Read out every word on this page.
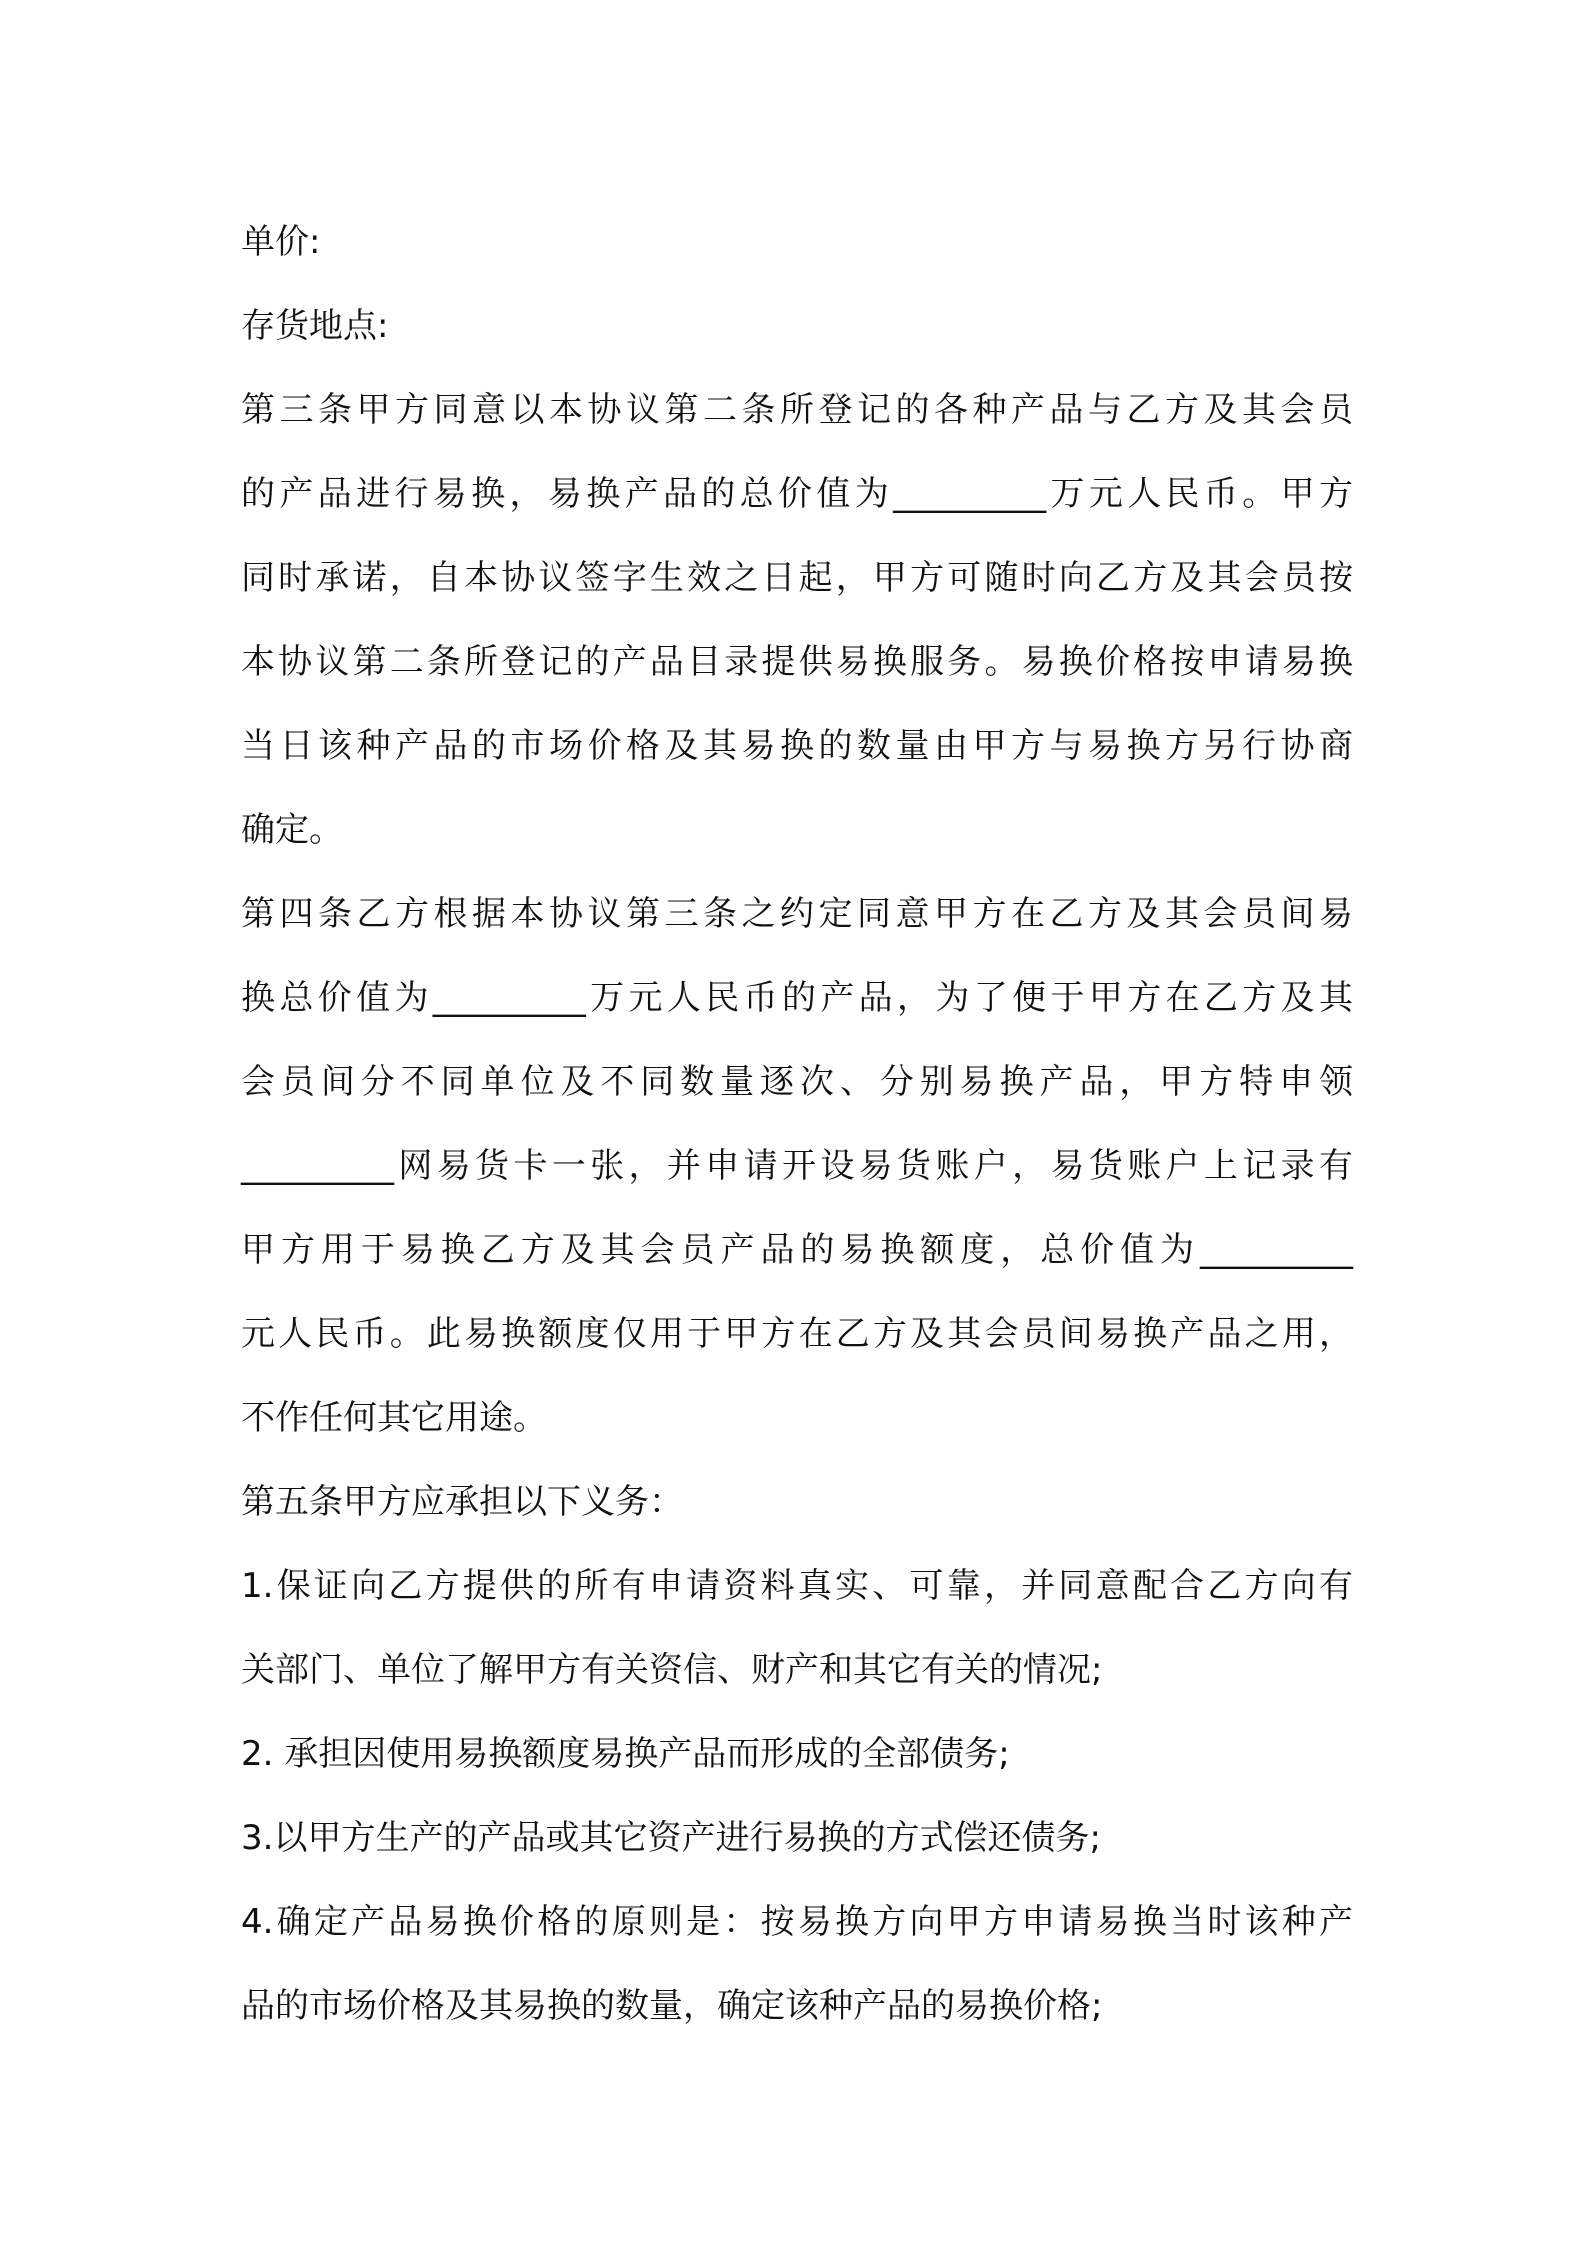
单价:
存货地点:
第三条甲方同意以本协议第二条所登记的各种产品与乙方及其会员
的产品进行易换，易换产品的总价值为_________万元人民币。甲方
同时承诺，自本协议签字生效之日起，甲方可随时向乙方及其会员按
本协议第二条所登记的产品目录提供易换服务。易换价格按申请易换
当日该种产品的市场价格及其易换的数量由甲方与易换方另行协商
确定。
第四条乙方根据本协议第三条之约定同意甲方在乙方及其会员间易
换总价值为_________万元人民币的产品，为了便于甲方在乙方及其
会员间分不同单位及不同数量逐次、分别易换产品，甲方特申领
_________网易货卡一张，并申请开设易货账户，易货账户上记录有
甲方用于易换乙方及其会员产品的易换额度，总价值为_________
元人民币。此易换额度仅用于甲方在乙方及其会员间易换产品之用，
不作任何其它用途。
第五条甲方应承担以下义务：
1.保证向乙方提供的所有申请资料真实、可靠，并同意配合乙方向有
关部门、单位了解甲方有关资信、财产和其它有关的情况;
2. 承担因使用易换额度易换产品而形成的全部债务;
3.以甲方生产的产品或其它资产进行易换的方式偿还债务;
4.确定产品易换价格的原则是：按易换方向甲方申请易换当时该种产
品的市场价格及其易换的数量，确定该种产品的易换价格;
